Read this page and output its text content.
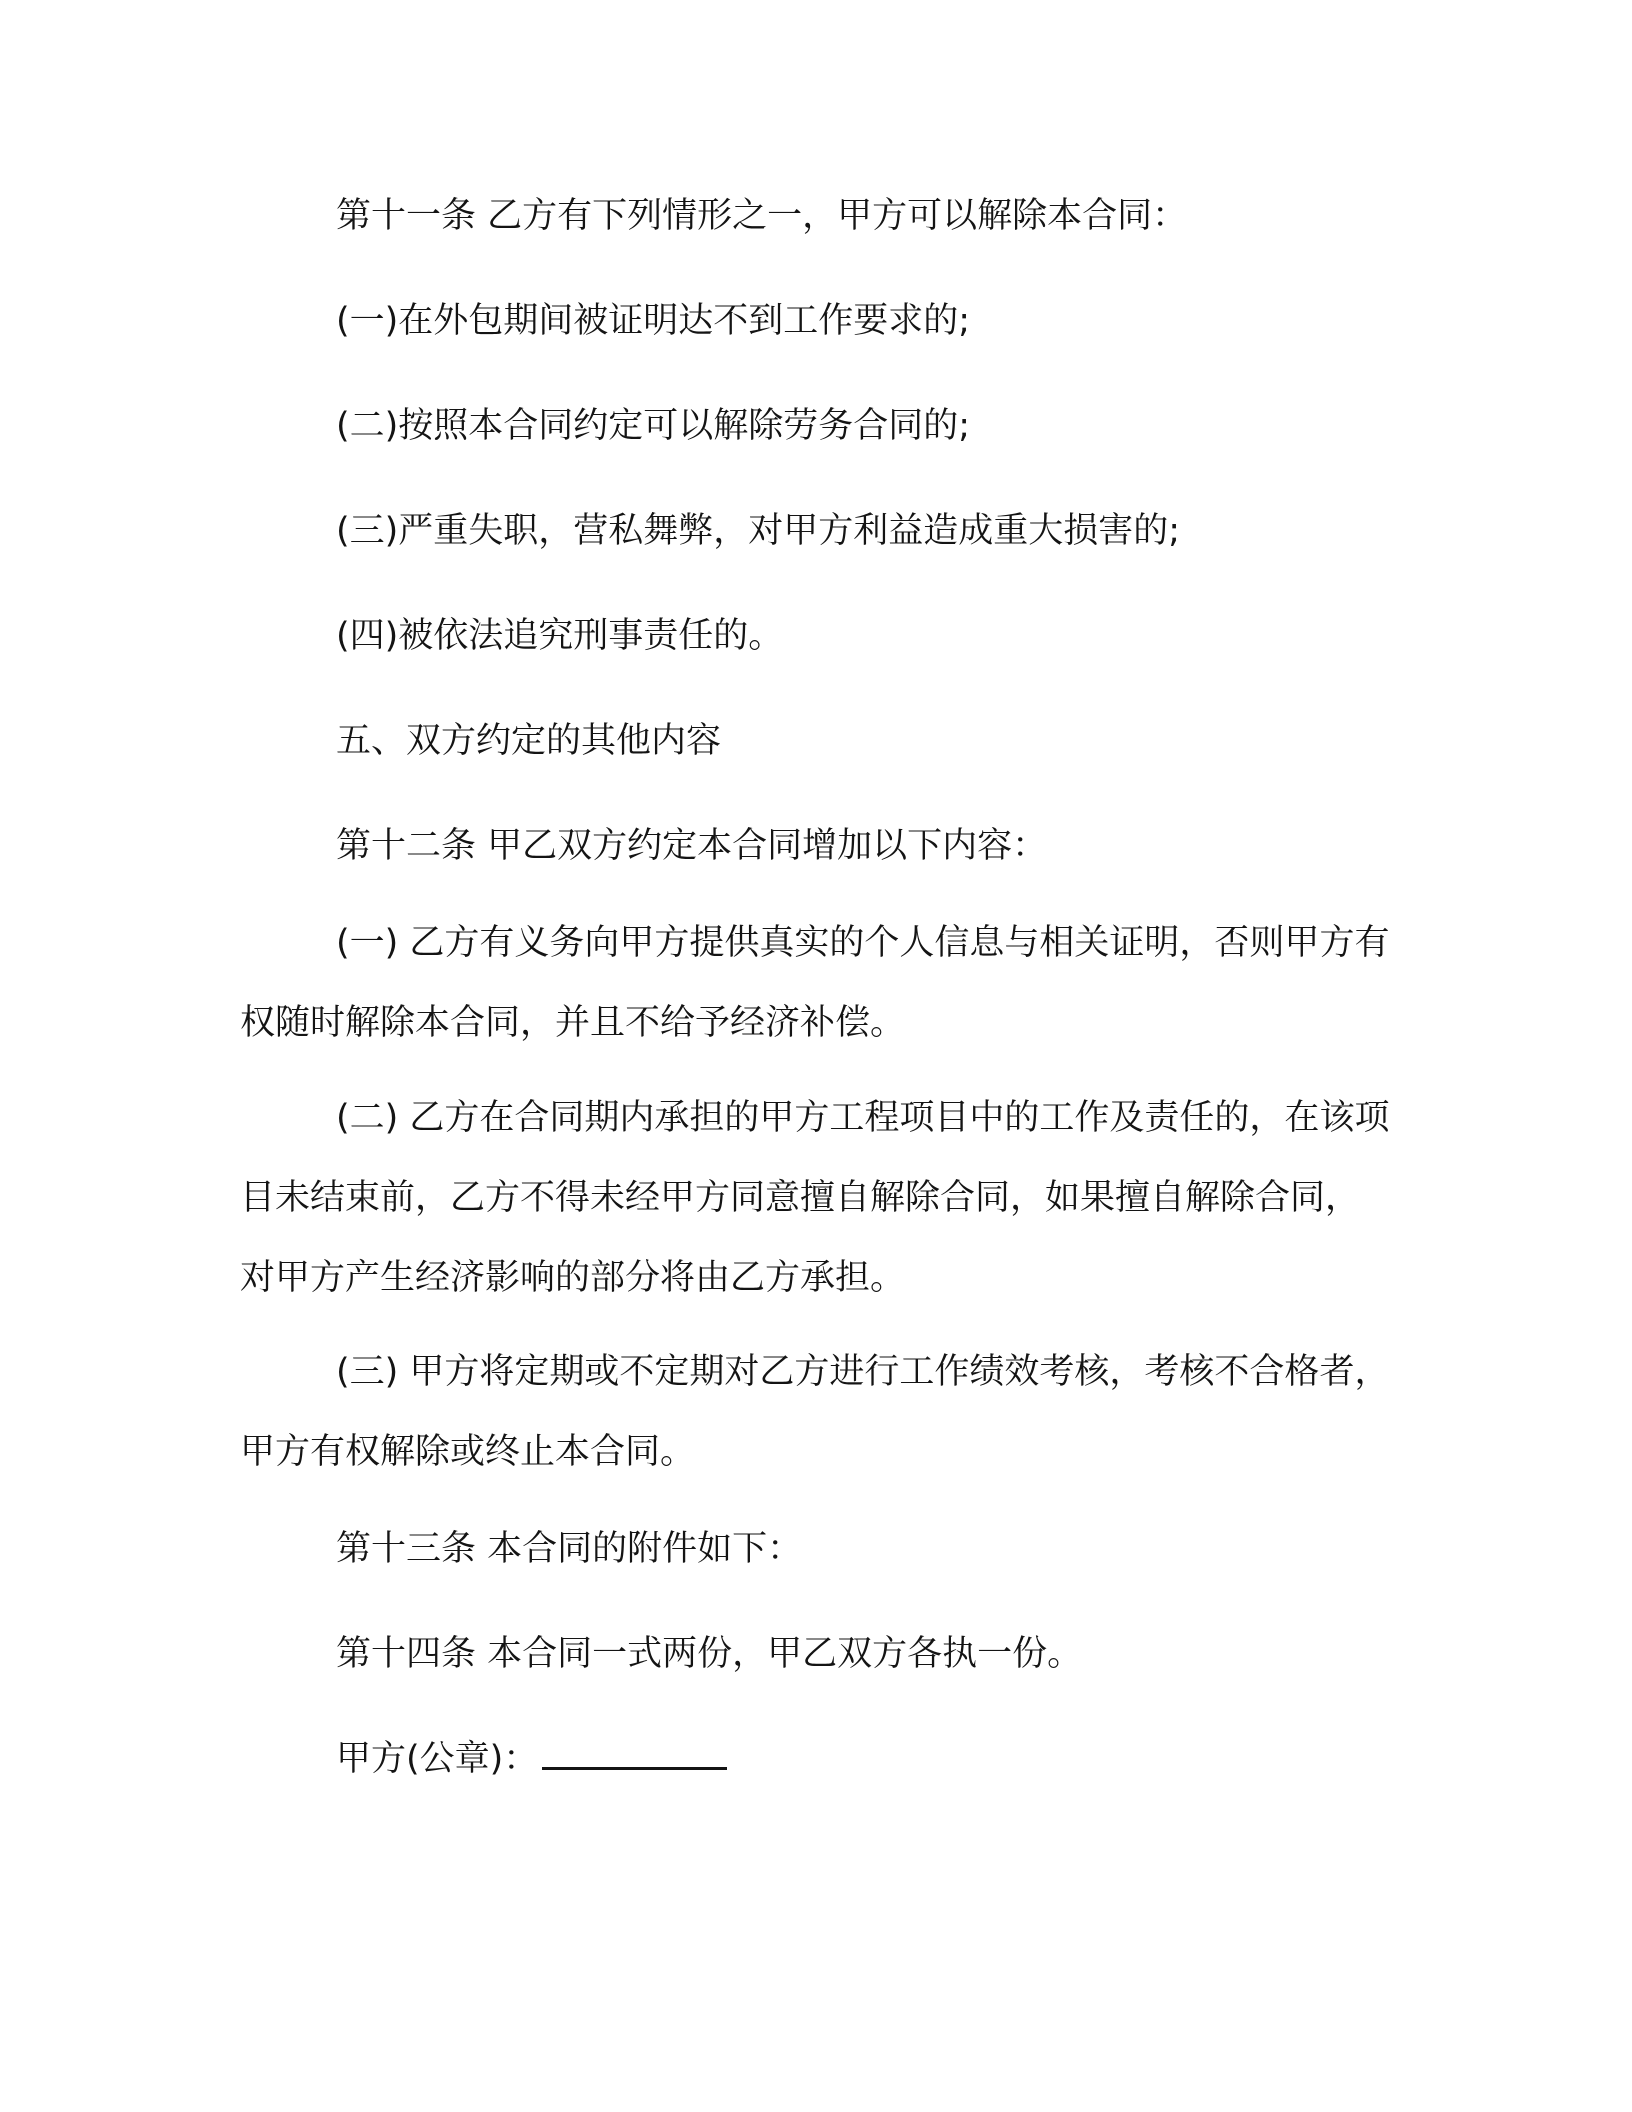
第十一条 乙方有下列情形之一，甲方可以解除本合同：

(一)在外包期间被证明达不到工作要求的;

(二)按照本合同约定可以解除劳务合同的;

(三)严重失职，营私舞弊，对甲方利益造成重大损害的;

(四)被依法追究刑事责任的。

五、双方约定的其他内容

第十二条 甲乙双方约定本合同增加以下内容：

(一) 乙方有义务向甲方提供真实的个人信息与相关证明，否则甲方有权随时解除本合同，并且不给予经济补偿。

(二) 乙方在合同期内承担的甲方工程项目中的工作及责任的，在该项目未结束前，乙方不得未经甲方同意擅自解除合同，如果擅自解除合同，对甲方产生经济影响的部分将由乙方承担。

(三) 甲方将定期或不定期对乙方进行工作绩效考核，考核不合格者，甲方有权解除或终止本合同。

第十三条 本合同的附件如下：

第十四条 本合同一式两份，甲乙双方各执一份。

甲方(公章)：
